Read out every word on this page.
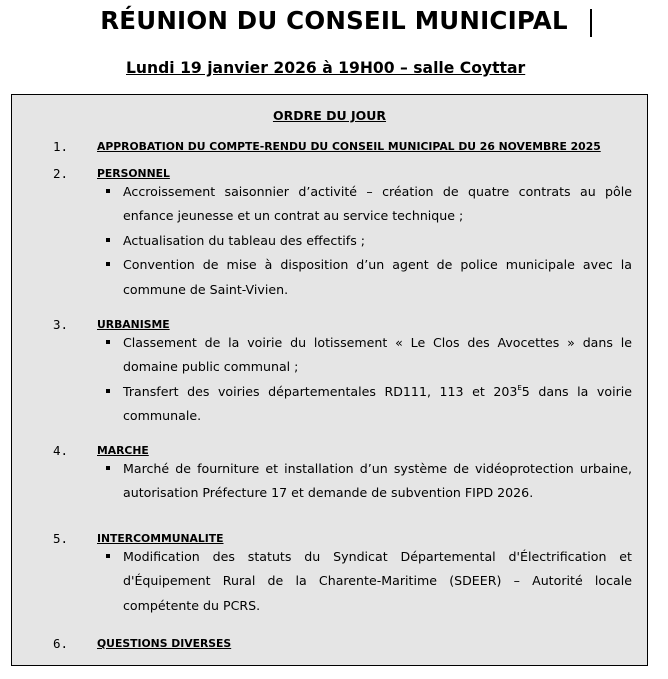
RÉUNION DU CONSEIL MUNICIPAL
Lundi 19 janvier 2026 à 19H00 – salle Coyttar
ORDRE DU JOUR
1.	APPROBATION DU COMPTE-RENDU DU CONSEIL MUNICIPAL DU 26 NOVEMBRE 2025
2.	PERSONNEL
Accroissement saisonnier d’activité – création de quatre contrats au pôle enfance jeunesse et un contrat au service technique ;
Actualisation du tableau des effectifs ;
Convention de mise à disposition d’un agent de police municipale avec la commune de Saint-Vivien.
3.	URBANISME
Classement de la voirie du lotissement « Le Clos des Avocettes » dans le domaine public communal ;
Transfert des voiries départementales RD111, 113 et $203^E5$ dans la voirie communale.
4.	MARCHE
Marché de fourniture et installation d’un système de vidéoprotection urbaine, autorisation Préfecture 17 et demande de subvention FIPD 2026.
5.	INTERCOMMUNALITE
Modification des statuts du Syndicat Départemental d'Électrification et d'Équipement Rural de la Charente-Maritime (SDEER) – Autorité locale compétente du PCRS.
6.	QUESTIONS DIVERSES
